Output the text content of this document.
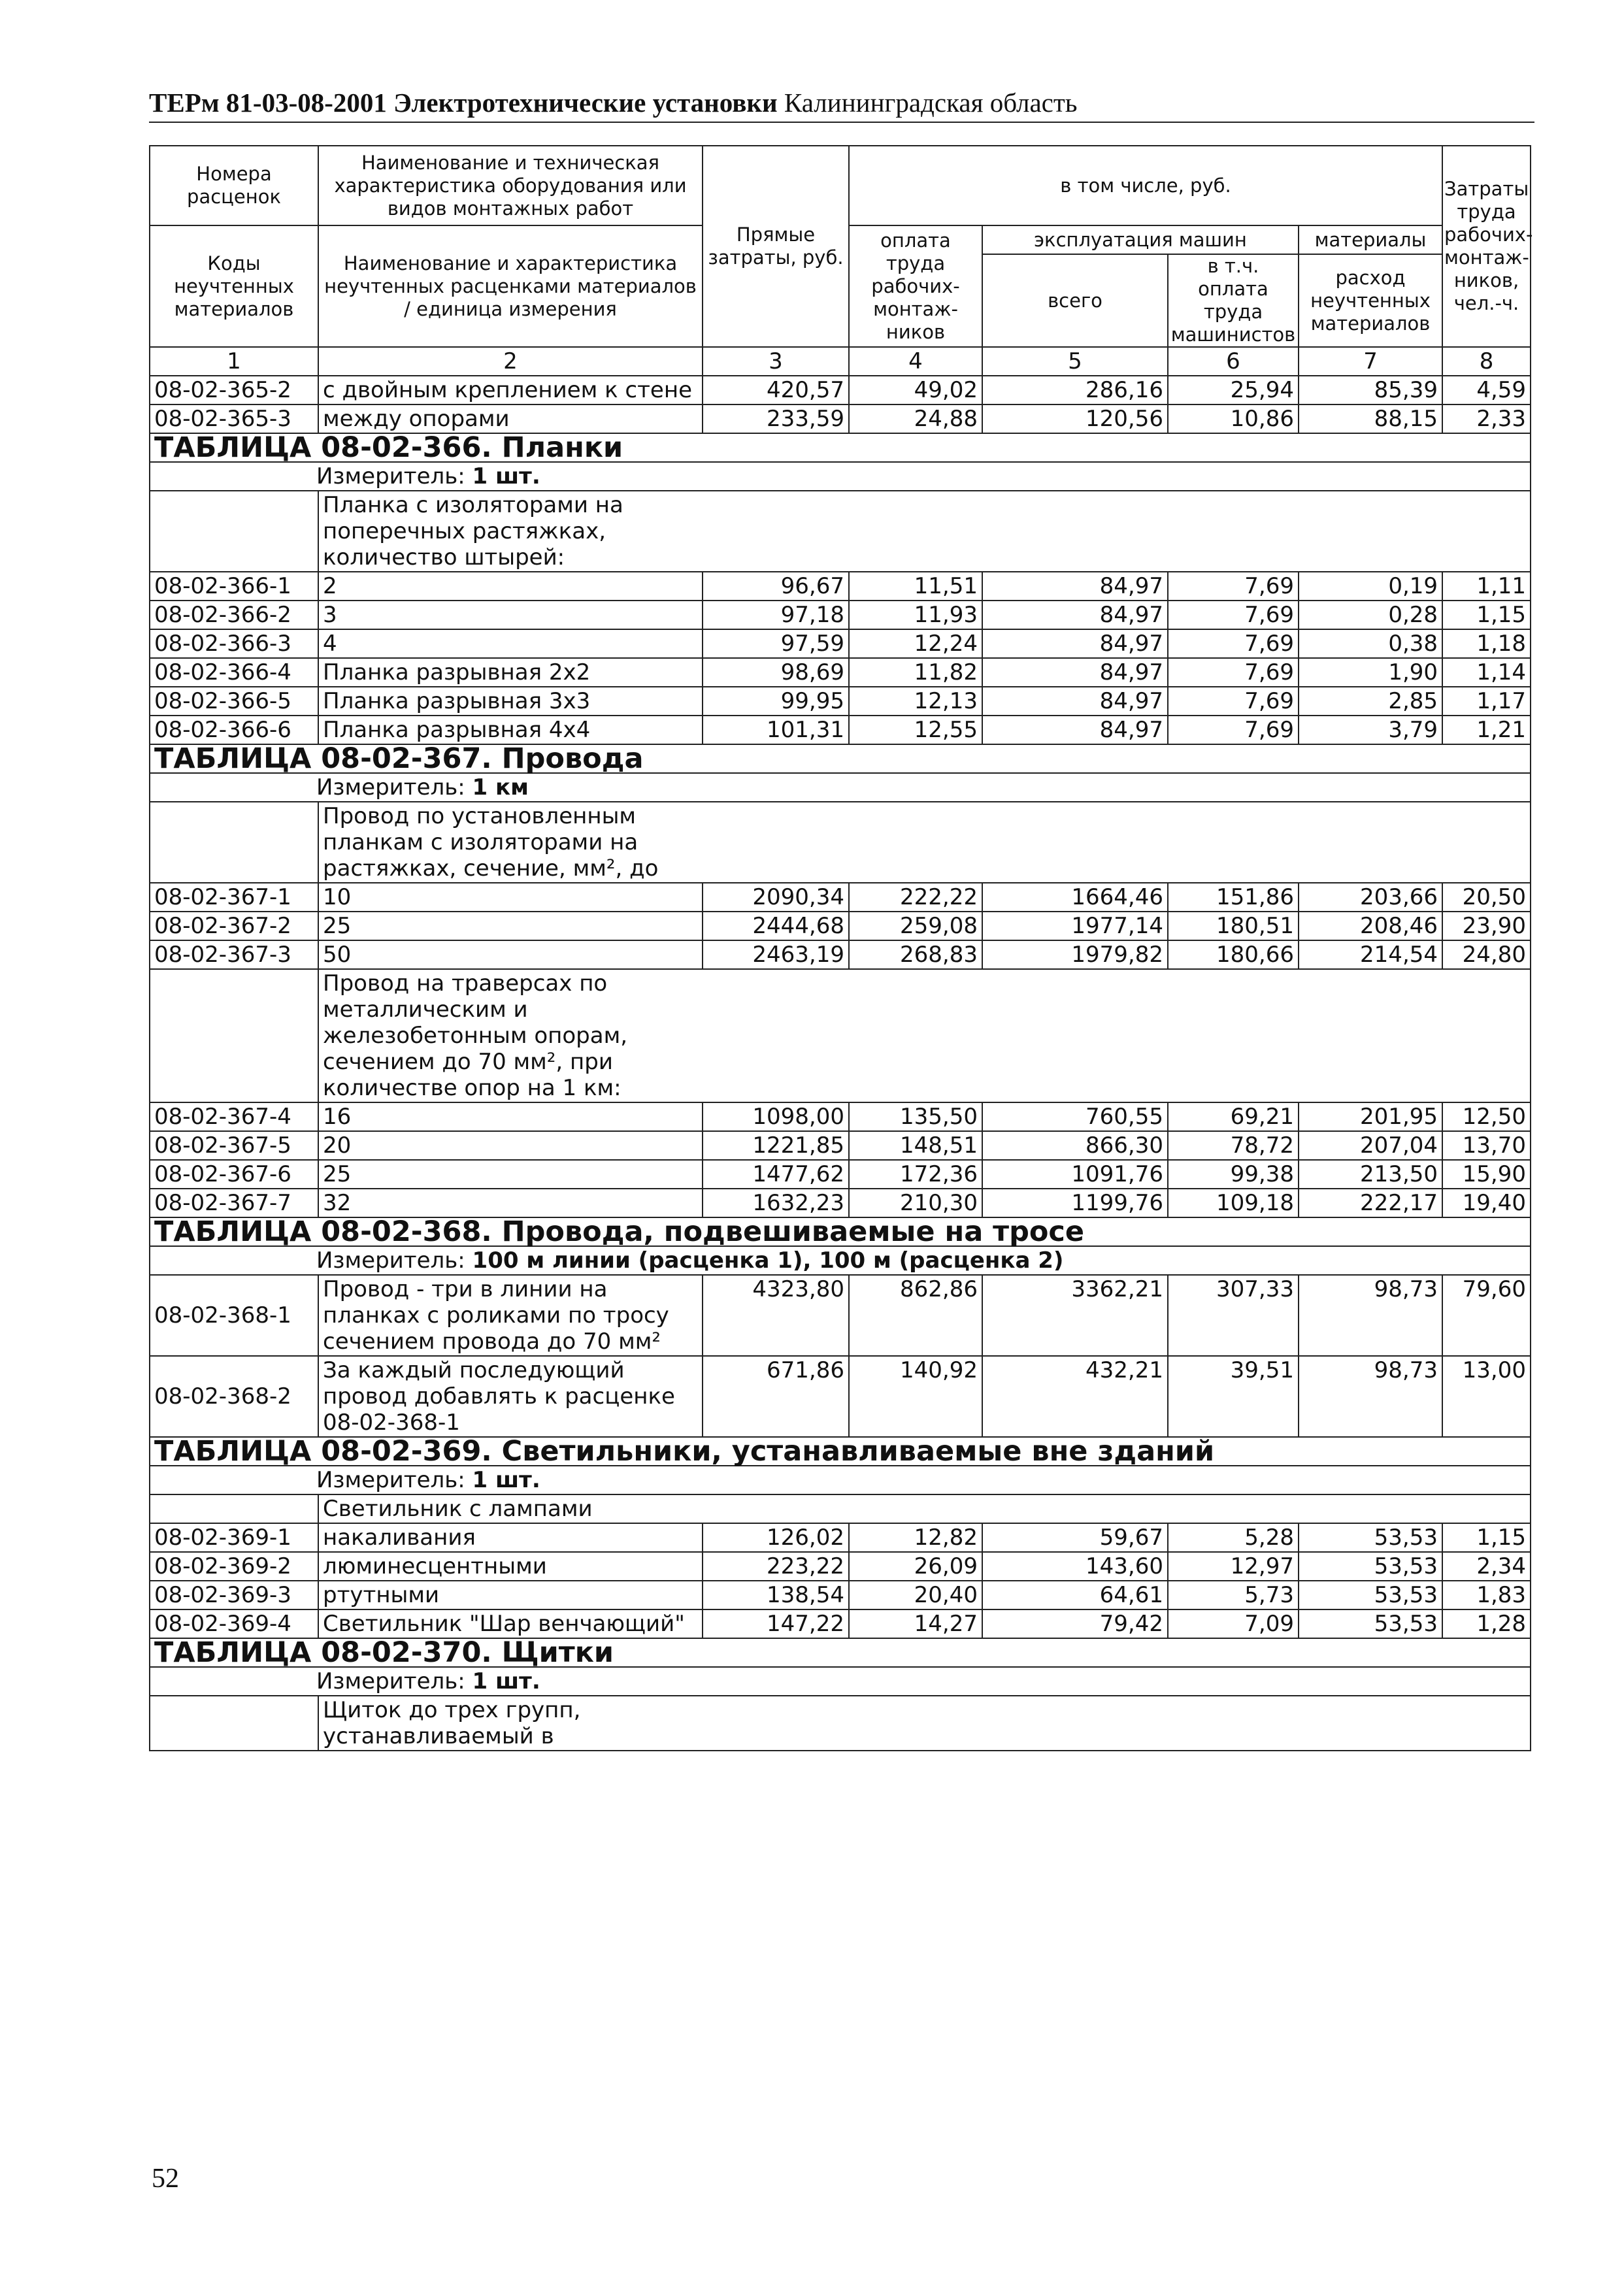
ТЕРм 81-03-08-2001 Электротехнические установки Калининградская область
Номера расценок	Наименование и техническая характеристика оборудования или видов монтажных работ	Прямые затраты, руб.	в том числе, руб.				Затраты труда рабочих-монтаж-ников, чел.-ч.
Коды неучтенных материалов	Наименование и характеристика неучтенных расценками материалов / единица измерения		оплата труда рабочих-монтаж-ников	эксплуатация машин		материалы	
				всего	в т.ч. оплата труда машинистов	расход неучтенных материалов	
1	2	3	4	5	6	7	8
08-02-365-2	с двойным креплением к стене	420,57	49,02	286,16	25,94	85,39	4,59
08-02-365-3	между опорами	233,59	24,88	120,56	10,86	88,15	2,33
ТАБЛИЦА 08-02-366. Планки							
Измеритель: 1 шт.							
	Планка с изоляторами на поперечных растяжках, количество штырей:						
08-02-366-1	2	96,67	11,51	84,97	7,69	0,19	1,11
08-02-366-2	3	97,18	11,93	84,97	7,69	0,28	1,15
08-02-366-3	4	97,59	12,24	84,97	7,69	0,38	1,18
08-02-366-4	Планка разрывная 2х2	98,69	11,82	84,97	7,69	1,90	1,14
08-02-366-5	Планка разрывная 3х3	99,95	12,13	84,97	7,69	2,85	1,17
08-02-366-6	Планка разрывная 4х4	101,31	12,55	84,97	7,69	3,79	1,21
ТАБЛИЦА 08-02-367. Провода							
Измеритель: 1 км							
	Провод по установленным планкам с изоляторами на растяжках, сечение, мм², до						
08-02-367-1	10	2090,34	222,22	1664,46	151,86	203,66	20,50
08-02-367-2	25	2444,68	259,08	1977,14	180,51	208,46	23,90
08-02-367-3	50	2463,19	268,83	1979,82	180,66	214,54	24,80
	Провод на траверсах по металлическим и железобетонным опорам, сечением до 70 мм², при количестве опор на 1 км:						
08-02-367-4	16	1098,00	135,50	760,55	69,21	201,95	12,50
08-02-367-5	20	1221,85	148,51	866,30	78,72	207,04	13,70
08-02-367-6	25	1477,62	172,36	1091,76	99,38	213,50	15,90
08-02-367-7	32	1632,23	210,30	1199,76	109,18	222,17	19,40
ТАБЛИЦА 08-02-368. Провода, подвешиваемые на тросе							
Измеритель: 100 м линии (расценка 1), 100 м (расценка 2)							
08-02-368-1	Провод - три в линии на планках с роликами по тросу сечением провода до 70 мм²	4323,80	862,86	3362,21	307,33	98,73	79,60
08-02-368-2	За каждый последующий провод добавлять к расценке 08-02-368-1	671,86	140,92	432,21	39,51	98,73	13,00
ТАБЛИЦА 08-02-369. Светильники, устанавливаемые вне зданий							
Измеритель: 1 шт.							
	Светильник с лампами						
08-02-369-1	накаливания	126,02	12,82	59,67	5,28	53,53	1,15
08-02-369-2	люминесцентными	223,22	26,09	143,60	12,97	53,53	2,34
08-02-369-3	ртутными	138,54	20,40	64,61	5,73	53,53	1,83
08-02-369-4	Светильник "Шар венчающий"	147,22	14,27	79,42	7,09	53,53	1,28
ТАБЛИЦА 08-02-370. Щитки							
Измеритель: 1 шт.							
	Щиток до трех групп, устанавливаемый в						
52
